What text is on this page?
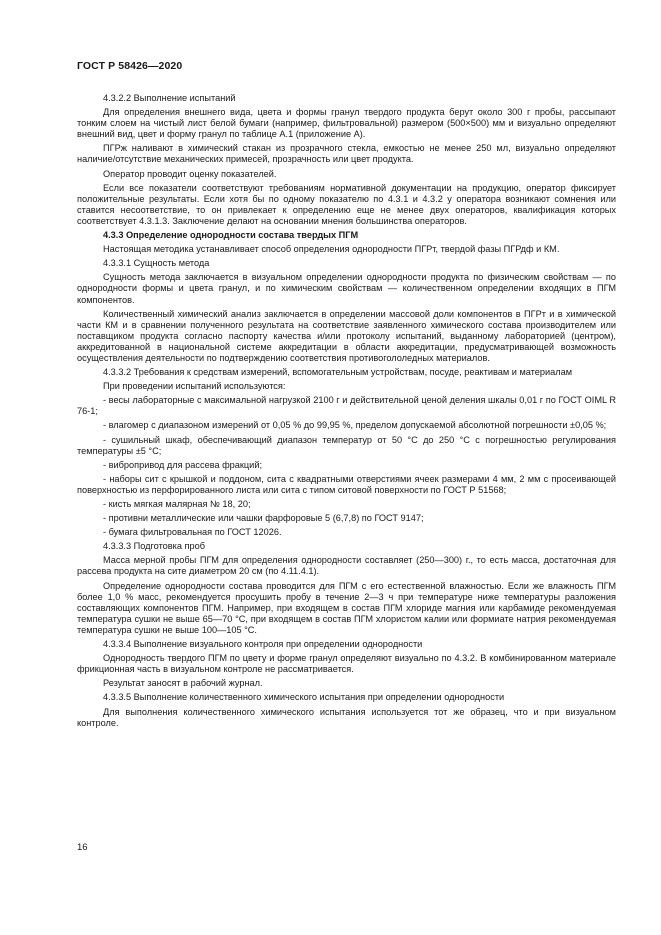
ГОСТ Р 58426—2020

4.3.2.2 Выполнение испытаний

Для определения внешнего вида, цвета и формы гранул твердого продукта берут около 300 г пробы, рассыпают тонким слоем на чистый лист белой бумаги (например, фильтровальной) размером (500×500) мм и визуально определяют внешний вид, цвет и форму гранул по таблице А.1 (приложение А).

ПГРж наливают в химический стакан из прозрачного стекла, емкостью не менее 250 мл, визуально определяют наличие/отсутствие механических примесей, прозрачность или цвет продукта.

Оператор проводит оценку показателей.

Если все показатели соответствуют требованиям нормативной документации на продукцию, оператор фиксирует положительные результаты. Если хотя бы по одному показателю по 4.3.1 и 4.3.2 у оператора возникают сомнения или ставится несоответствие, то он привлекает к определению еще не менее двух операторов, квалификация которых соответствует 4.3.1.3. Заключение делают на основании мнения большинства операторов.

4.3.3 Определение однородности состава твердых ПГМ

Настоящая методика устанавливает способ определения однородности ПГРт, твердой фазы ПГРдф и КМ.

4.3.3.1 Сущность метода

Сущность метода заключается в визуальном определении однородности продукта по физическим свойствам — по однородности формы и цвета гранул, и по химическим свойствам — количественном определении входящих в ПГМ компонентов.

Количественный химический анализ заключается в определении массовой доли компонентов в ПГРт и в химической части КМ и в сравнении полученного результата на соответствие заявленного химического состава производителем или поставщиком продукта согласно паспорту качества и/или протоколу испытаний, выданному лабораторией (центром), аккредитованной в национальной системе аккредитации в области аккредитации, предусматривающей возможность осуществления деятельности по подтверждению соответствия противогололедных материалов.

4.3.3.2 Требования к средствам измерений, вспомогательным устройствам, посуде, реактивам и материалам

При проведении испытаний используются:

- весы лабораторные с максимальной нагрузкой 2100 г и действительной ценой деления шкалы 0,01 г по ГОСТ OIML R 76-1;

- влагомер с диапазоном измерений от 0,05 % до 99,95 %, пределом допускаемой абсолютной погрешности ±0,05 %;

- сушильный шкаф, обеспечивающий диапазон температур от 50 °С до 250 °С с погрешностью регулирования температуры ±5 °С;

- вибропривод для рассева фракций;

- наборы сит с крышкой и поддоном, сита с квадратными отверстиями ячеек размерами 4 мм, 2 мм с просеивающей поверхностью из перфорированного листа или сита с типом ситовой поверхности по ГОСТ Р 51568;

- кисть мягкая малярная № 18, 20;

- противни металлические или чашки фарфоровые 5 (6,7,8) по ГОСТ 9147;

- бумага фильтровальная по ГОСТ 12026.

4.3.3.3 Подготовка проб

Масса мерной пробы ПГМ для определения однородности составляет (250—300) г., то есть масса, достаточная для рассева продукта на сите диаметром 20 см (по 4.11.4.1).

Определение однородности состава проводится для ПГМ с его естественной влажностью. Если же влажность ПГМ более 1,0 % масс, рекомендуется просушить пробу в течение 2—3 ч при температуре ниже температуры разложения составляющих компонентов ПГМ. Например, при входящем в состав ПГМ хлориде магния или карбамиде рекомендуемая температура сушки не выше 65—70 °С, при входящем в состав ПГМ хлористом калии или формиате натрия рекомендуемая температура сушки не выше 100—105 °С.

4.3.3.4 Выполнение визуального контроля при определении однородности

Однородность твердого ПГМ по цвету и форме гранул определяют визуально по 4.3.2. В комбинированном материале фрикционная часть в визуальном контроле не рассматривается.

Результат заносят в рабочий журнал.

4.3.3.5 Выполнение количественного химического испытания при определении однородности

Для выполнения количественного химического испытания используется тот же образец, что и при визуальном контроле.

16
